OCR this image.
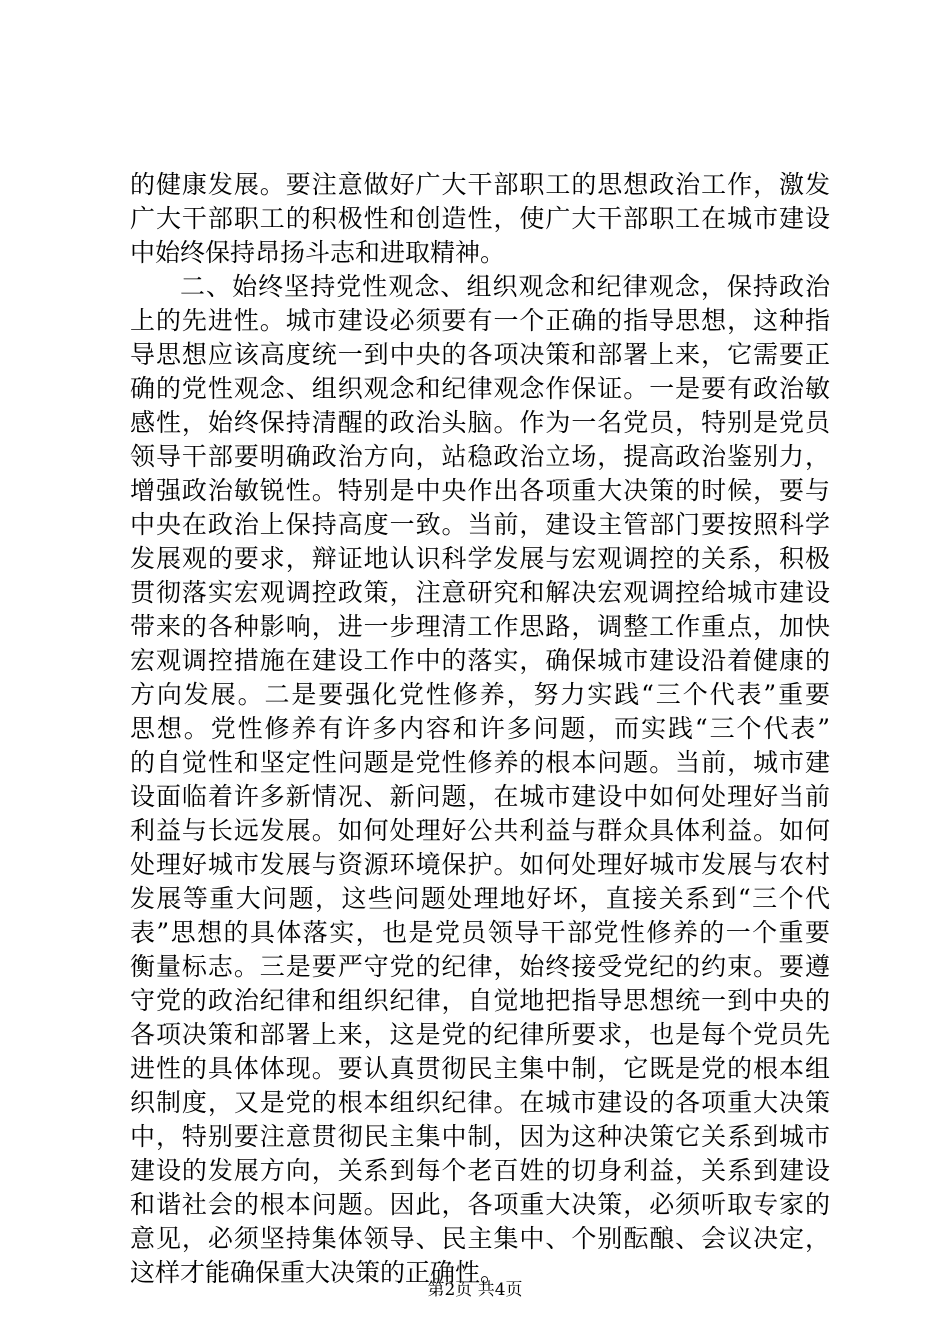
的健康发展。要注意做好广大干部职工的思想政治工作，激发
广大干部职工的积极性和创造性，使广大干部职工在城市建设
中始终保持昂扬斗志和进取精神。
二、始终坚持党性观念、组织观念和纪律观念，保持政治
上的先进性。城市建设必须要有一个正确的指导思想，这种指
导思想应该高度统一到中央的各项决策和部署上来，它需要正
确的党性观念、组织观念和纪律观念作保证。一是要有政治敏
感性，始终保持清醒的政治头脑。作为一名党员，特别是党员
领导干部要明确政治方向，站稳政治立场，提高政治鉴别力，
增强政治敏锐性。特别是中央作出各项重大决策的时候，要与
中央在政治上保持高度一致。当前，建设主管部门要按照科学
发展观的要求，辩证地认识科学发展与宏观调控的关系，积极
贯彻落实宏观调控政策，注意研究和解决宏观调控给城市建设
带来的各种影响，进一步理清工作思路，调整工作重点，加快
宏观调控措施在建设工作中的落实，确保城市建设沿着健康的
方向发展。二是要强化党性修养，努力实践“三个代表”重要
思想。党性修养有许多内容和许多问题，而实践“三个代表”
的自觉性和坚定性问题是党性修养的根本问题。当前，城市建
设面临着许多新情况、新问题，在城市建设中如何处理好当前
利益与长远发展。如何处理好公共利益与群众具体利益。如何
处理好城市发展与资源环境保护。如何处理好城市发展与农村
发展等重大问题，这些问题处理地好坏，直接关系到“三个代
表”思想的具体落实，也是党员领导干部党性修养的一个重要
衡量标志。三是要严守党的纪律，始终接受党纪的约束。要遵
守党的政治纪律和组织纪律，自觉地把指导思想统一到中央的
各项决策和部署上来，这是党的纪律所要求，也是每个党员先
进性的具体体现。要认真贯彻民主集中制，它既是党的根本组
织制度，又是党的根本组织纪律。在城市建设的各项重大决策
中，特别要注意贯彻民主集中制，因为这种决策它关系到城市
建设的发展方向，关系到每个老百姓的切身利益，关系到建设
和谐社会的根本问题。因此，各项重大决策，必须听取专家的
意见，必须坚持集体领导、民主集中、个别酝酿、会议决定，
这样才能确保重大决策的正确性。
第2页 共4页
